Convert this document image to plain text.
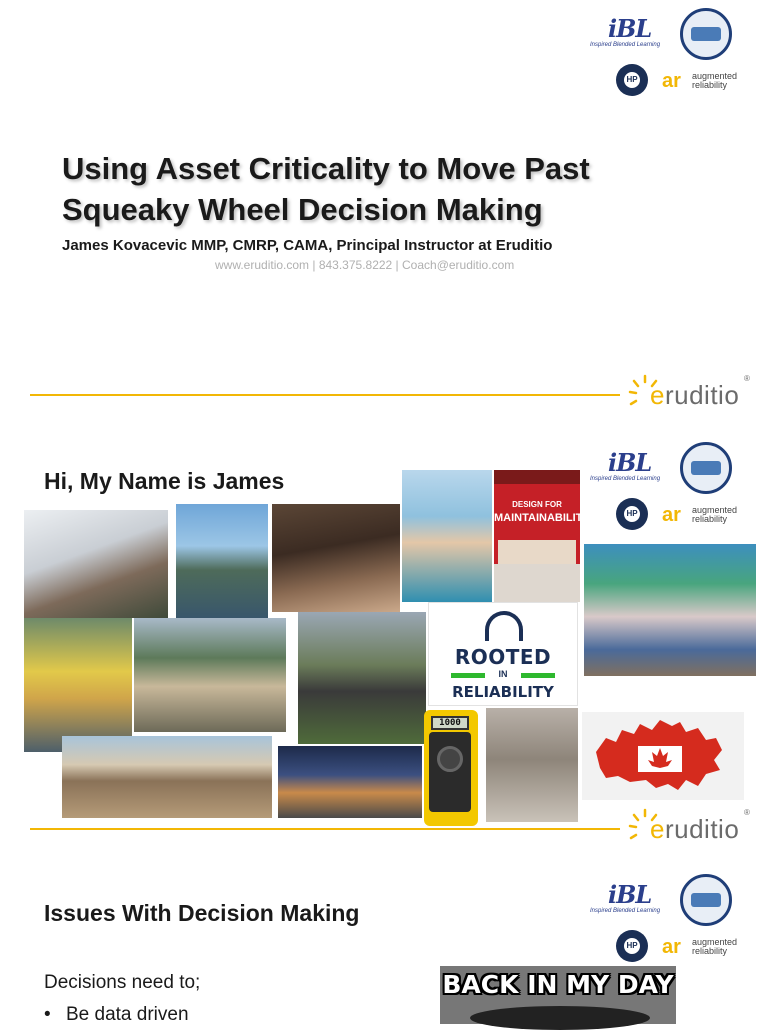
iBL
Inspired Blended Learning
HP ar augmented
reliability
Using Asset Criticality to Move Past Squeaky Wheel Decision Making
James Kovacevic MMP, CMRP, CAMA, Principal Instructor at Eruditio
www.eruditio.com | 843.375.8222 | Coach@eruditio.com
eruditio
®
Hi, My Name is James
iBL
Inspired Blended Learning
HP ar augmented
reliability
DESIGN FOR
MAINTAINABILITY
ROOTED
IN
RELIABILITY
1000
eruditio
®
Issues With Decision Making
iBL
Inspired Blended Learning
HP ar augmented
reliability
BACK IN MY DAY
Decisions need to;
• Be data driven
